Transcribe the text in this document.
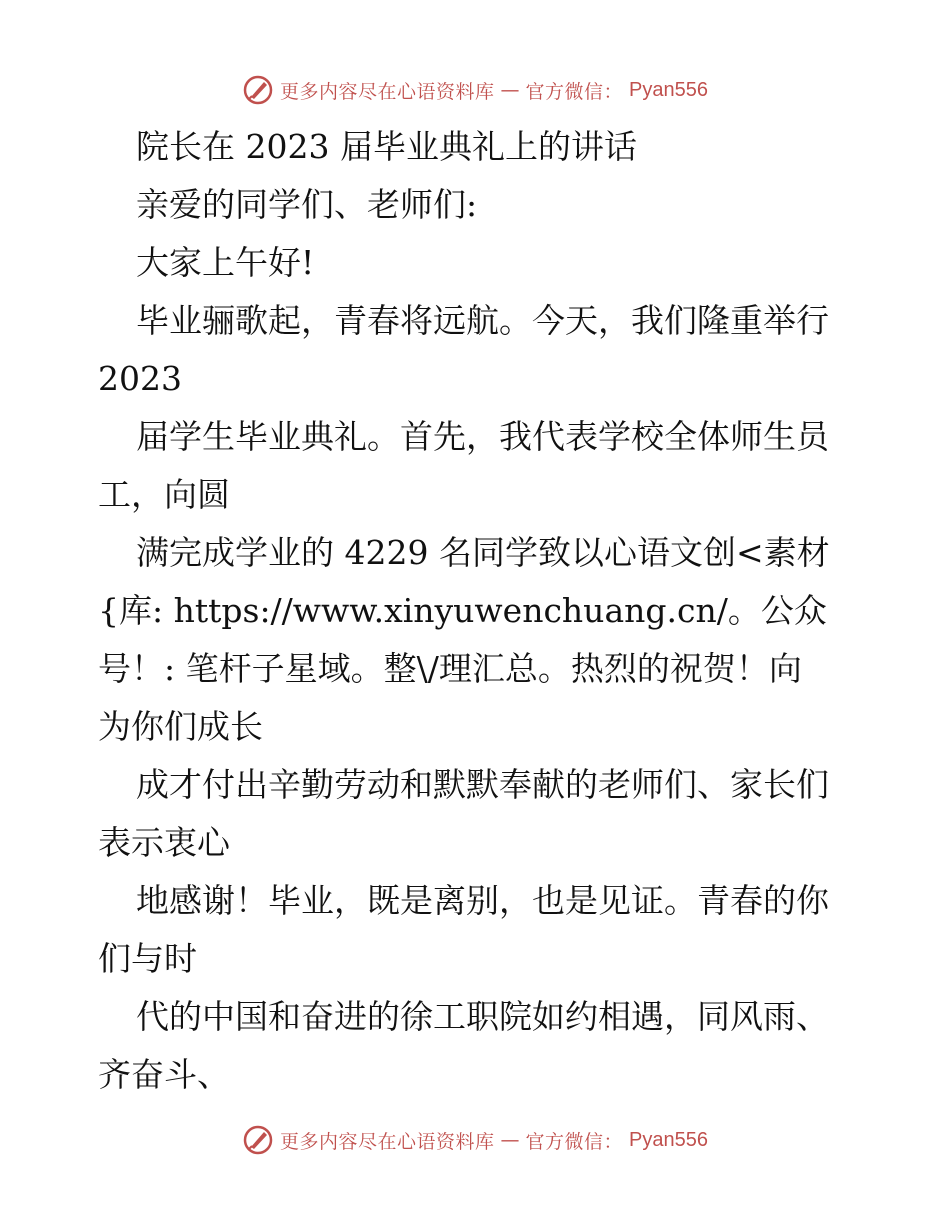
更多内容尽在心语资料库 — 官方微信： Pyan556
院长在 2023 届毕业典礼上的讲话
亲爱的同学们、老师们:
大家上午好!
毕业骊歌起，青春将远航。今天，我们隆重举行
2023
届学生毕业典礼。首先，我代表学校全体师生员
工，向圆
满完成学业的 4229 名同学致以心语文创<素材
{库: https://www.xinyuwenchuang.cn/。公众
号！: 笔杆子星域。整\/理汇总。热烈的祝贺！向
为你们成长
成才付出辛勤劳动和默默奉献的老师们、家长们
表示衷心
地感谢！毕业，既是离别，也是见证。青春的你
们与时
代的中国和奋进的徐工职院如约相遇，同风雨、
齐奋斗、
更多内容尽在心语资料库 — 官方微信： Pyan556
